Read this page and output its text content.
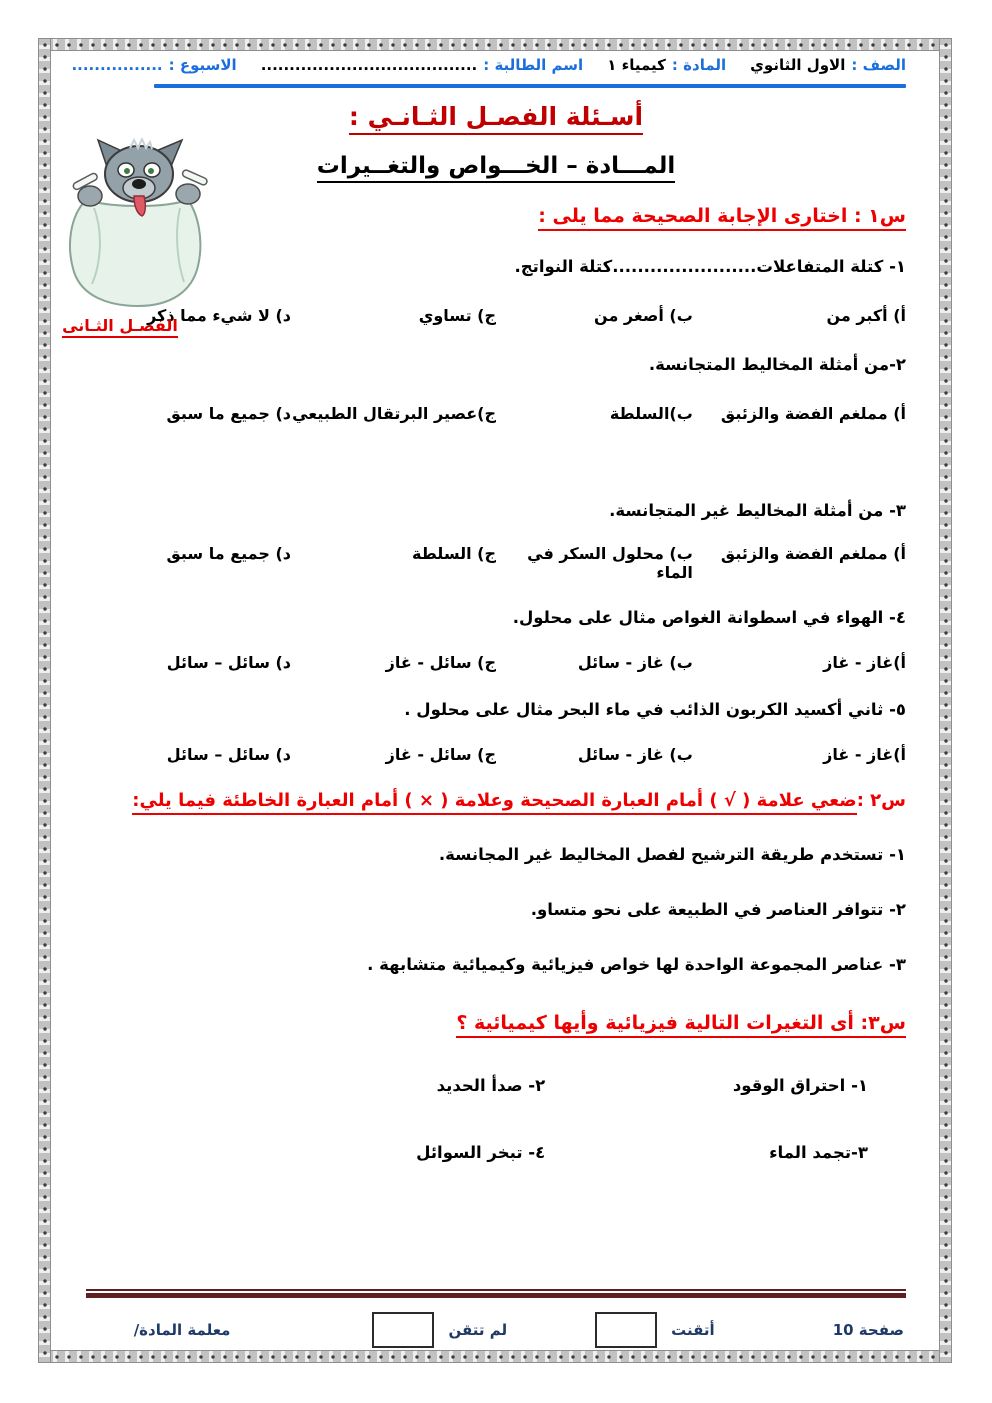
الصف :
الاول الثانوي
المادة :
كيمياء ١
اسم الطالبة :
......................................
الاسبوع :
................
أسـئلة الفصـل الثـانـي :
المـــادة – الخـــواص والتغــيرات
الفصـل الثـانى
س١ : اختارى الإجابة الصحيحة مما يلى :
١- كتلة المتفاعلات.......................كتلة النواتج.
أ) أكبر من
ب) أصغر من
ج) تساوي
د) لا شيء مما ذكر
٢-من أمثلة المخاليط المتجانسة.
أ) مملغم الفضة والزئبق
ب)السلطة
ج)عصير البرتقال الطبيعي
د) جميع ما سبق
٣- من أمثلة المخاليط غير المتجانسة.
أ) مملغم الفضة والزئبق
ب) محلول السكر في الماء
ج) السلطة
د) جميع ما سبق
٤- الهواء في اسطوانة الغواص مثال على محلول.
أ)غاز - غاز
ب) غاز - سائل
ج) سائل - غاز
د) سائل – سائل
٥- ثاني أكسيد الكربون الذائب في ماء البحر مثال على محلول .
أ)غاز - غاز
ب) غاز - سائل
ج) سائل - غاز
د) سائل – سائل
س٢ :ضعي علامة ( √ ) أمام العبارة الصحيحة وعلامة ( × ) أمام العبارة الخاطئة فيما يلي:
١- تستخدم طريقة الترشيح لفصل المخاليط غير المجانسة.
٢- تتوافر العناصر في الطبيعة على نحو متساو.
٣- عناصر المجموعة الواحدة لها خواص فيزيائية وكيميائية متشابهة .
س٣: أى التغيرات التالية فيزيائية وأيها كيميائية ؟
١- احتراق الوقود
٢- صدأ الحديد
٣-تجمد الماء
٤- تبخر السوائل
صفحة 10
أتقنت
لم تتقن
معلمة المادة/
